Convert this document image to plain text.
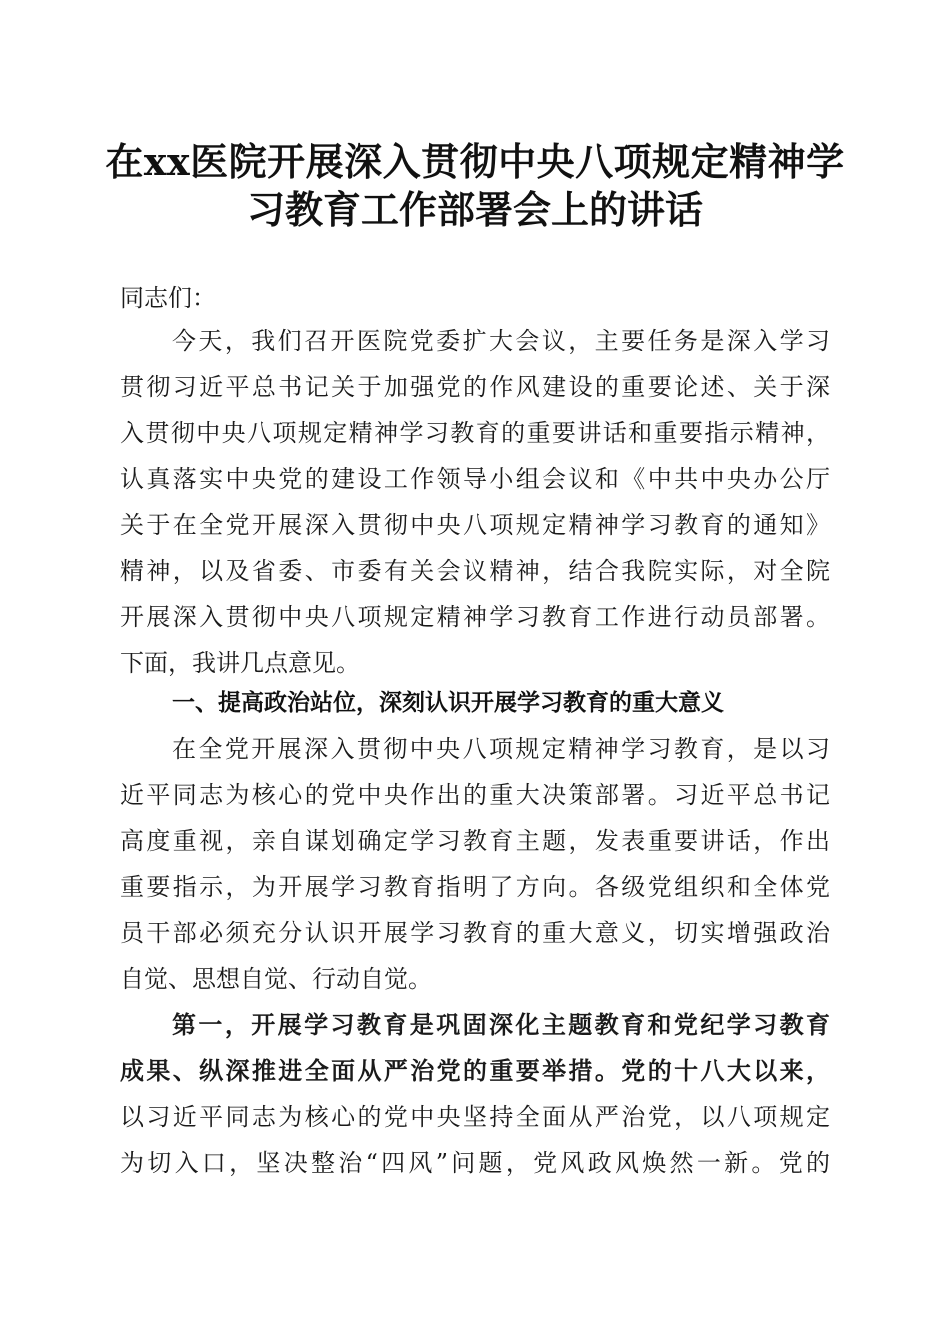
在xx医院开展深入贯彻中央八项规定精神学
习教育工作部署会上的讲话
同志们：
今天，我们召开医院党委扩大会议，主要任务是深入学习
贯彻习近平总书记关于加强党的作风建设的重要论述、关于深
入贯彻中央八项规定精神学习教育的重要讲话和重要指示精神，
认真落实中央党的建设工作领导小组会议和《中共中央办公厅
关于在全党开展深入贯彻中央八项规定精神学习教育的通知》
精神，以及省委、市委有关会议精神，结合我院实际，对全院
开展深入贯彻中央八项规定精神学习教育工作进行动员部署。
下面，我讲几点意见。
一、提高政治站位，深刻认识开展学习教育的重大意义
在全党开展深入贯彻中央八项规定精神学习教育，是以习
近平同志为核心的党中央作出的重大决策部署。习近平总书记
高度重视，亲自谋划确定学习教育主题，发表重要讲话，作出
重要指示，为开展学习教育指明了方向。各级党组织和全体党
员干部必须充分认识开展学习教育的重大意义，切实增强政治
自觉、思想自觉、行动自觉。
第一，开展学习教育是巩固深化主题教育和党纪学习教育
成果、纵深推进全面从严治党的重要举措。党的十八大以来，
以习近平同志为核心的党中央坚持全面从严治党，以八项规定
为切入口，坚决整治“四风”问题，党风政风焕然一新。党的
